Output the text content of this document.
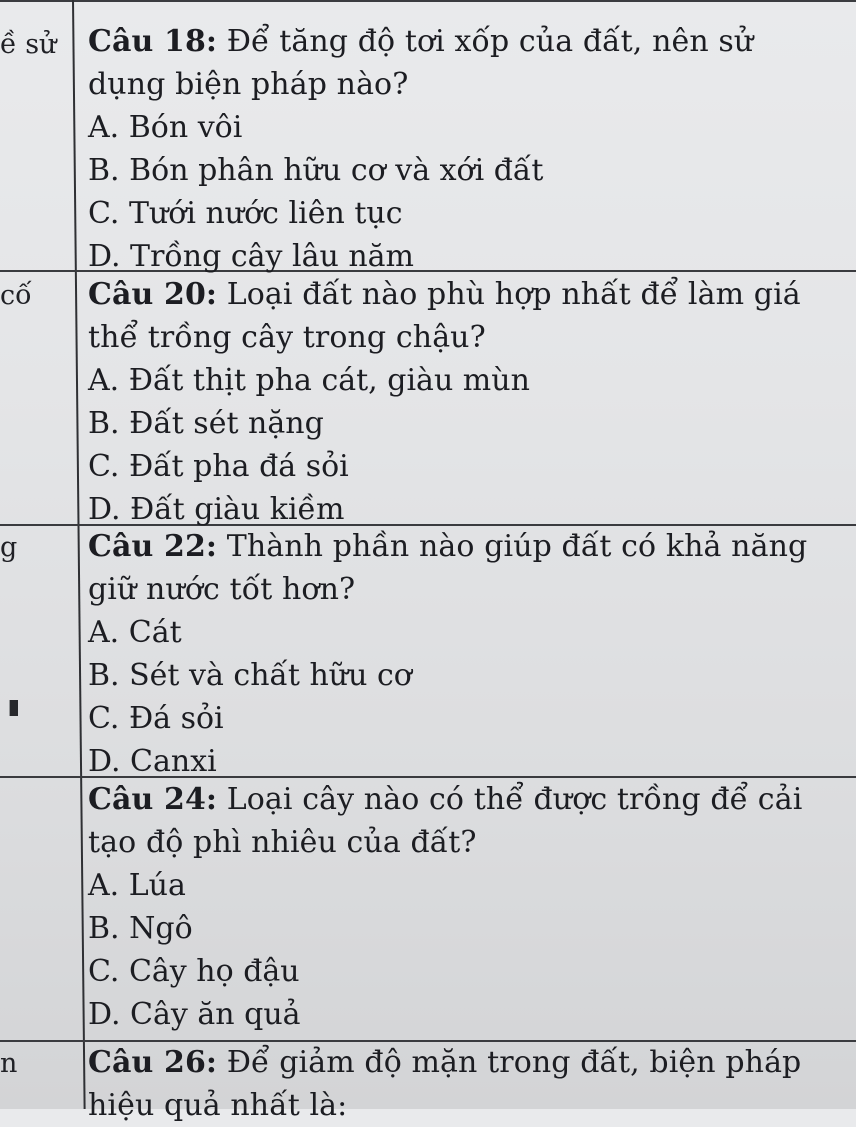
ề sử
cố
g
n

Câu 18: Để tăng độ tơi xốp của đất, nên sử dụng biện pháp nào?

A. Bón vôi

B. Bón phân hữu cơ và xới đất

C. Tưới nước liên tục

D. Trồng cây lâu năm

Câu 20: Loại đất nào phù hợp nhất để làm giá thể trồng cây trong chậu?

A. Đất thịt pha cát, giàu mùn

B. Đất sét nặng

C. Đất pha đá sỏi

D. Đất giàu kiềm

Câu 22: Thành phần nào giúp đất có khả năng giữ nước tốt hơn?

A. Cát

B. Sét và chất hữu cơ

C. Đá sỏi

D. Canxi

Câu 24: Loại cây nào có thể được trồng để cải tạo độ phì nhiêu của đất?

A. Lúa

B. Ngô

C. Cây họ đậu

D. Cây ăn quả

Câu 26: Để giảm độ mặn trong đất, biện pháp hiệu quả nhất là:
